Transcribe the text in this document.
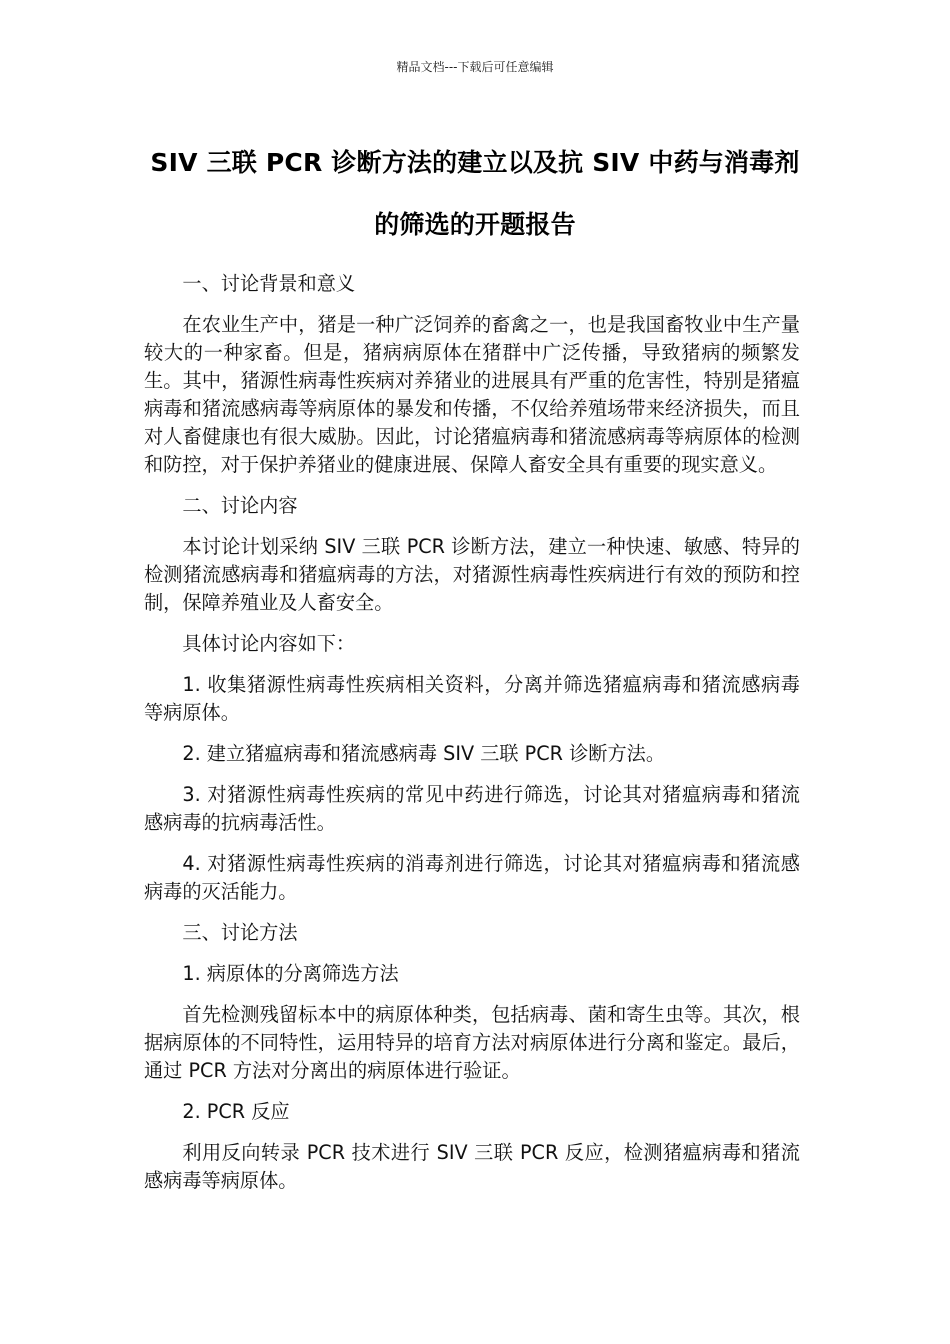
精品文档---下载后可任意编辑
SIV 三联 PCR 诊断方法的建立以及抗 SIV 中药与消毒剂的筛选的开题报告

一、讨论背景和意义

在农业生产中，猪是一种广泛饲养的畜禽之一，也是我国畜牧业中生产量较大的一种家畜。但是，猪病病原体在猪群中广泛传播，导致猪病的频繁发生。其中，猪源性病毒性疾病对养猪业的进展具有严重的危害性，特别是猪瘟病毒和猪流感病毒等病原体的暴发和传播，不仅给养殖场带来经济损失，而且对人畜健康也有很大威胁。因此，讨论猪瘟病毒和猪流感病毒等病原体的检测和防控，对于保护养猪业的健康进展、保障人畜安全具有重要的现实意义。

二、讨论内容

本讨论计划采纳 SIV 三联 PCR 诊断方法，建立一种快速、敏感、特异的检测猪流感病毒和猪瘟病毒的方法，对猪源性病毒性疾病进行有效的预防和控制，保障养殖业及人畜安全。

具体讨论内容如下：

1. 收集猪源性病毒性疾病相关资料，分离并筛选猪瘟病毒和猪流感病毒等病原体。

2. 建立猪瘟病毒和猪流感病毒 SIV 三联 PCR 诊断方法。

3. 对猪源性病毒性疾病的常见中药进行筛选，讨论其对猪瘟病毒和猪流感病毒的抗病毒活性。

4. 对猪源性病毒性疾病的消毒剂进行筛选，讨论其对猪瘟病毒和猪流感病毒的灭活能力。

三、讨论方法

1. 病原体的分离筛选方法

首先检测残留标本中的病原体种类，包括病毒、菌和寄生虫等。其次，根据病原体的不同特性，运用特异的培育方法对病原体进行分离和鉴定。最后，通过 PCR 方法对分离出的病原体进行验证。

2. PCR 反应

利用反向转录 PCR 技术进行 SIV 三联 PCR 反应，检测猪瘟病毒和猪流感病毒等病原体。
